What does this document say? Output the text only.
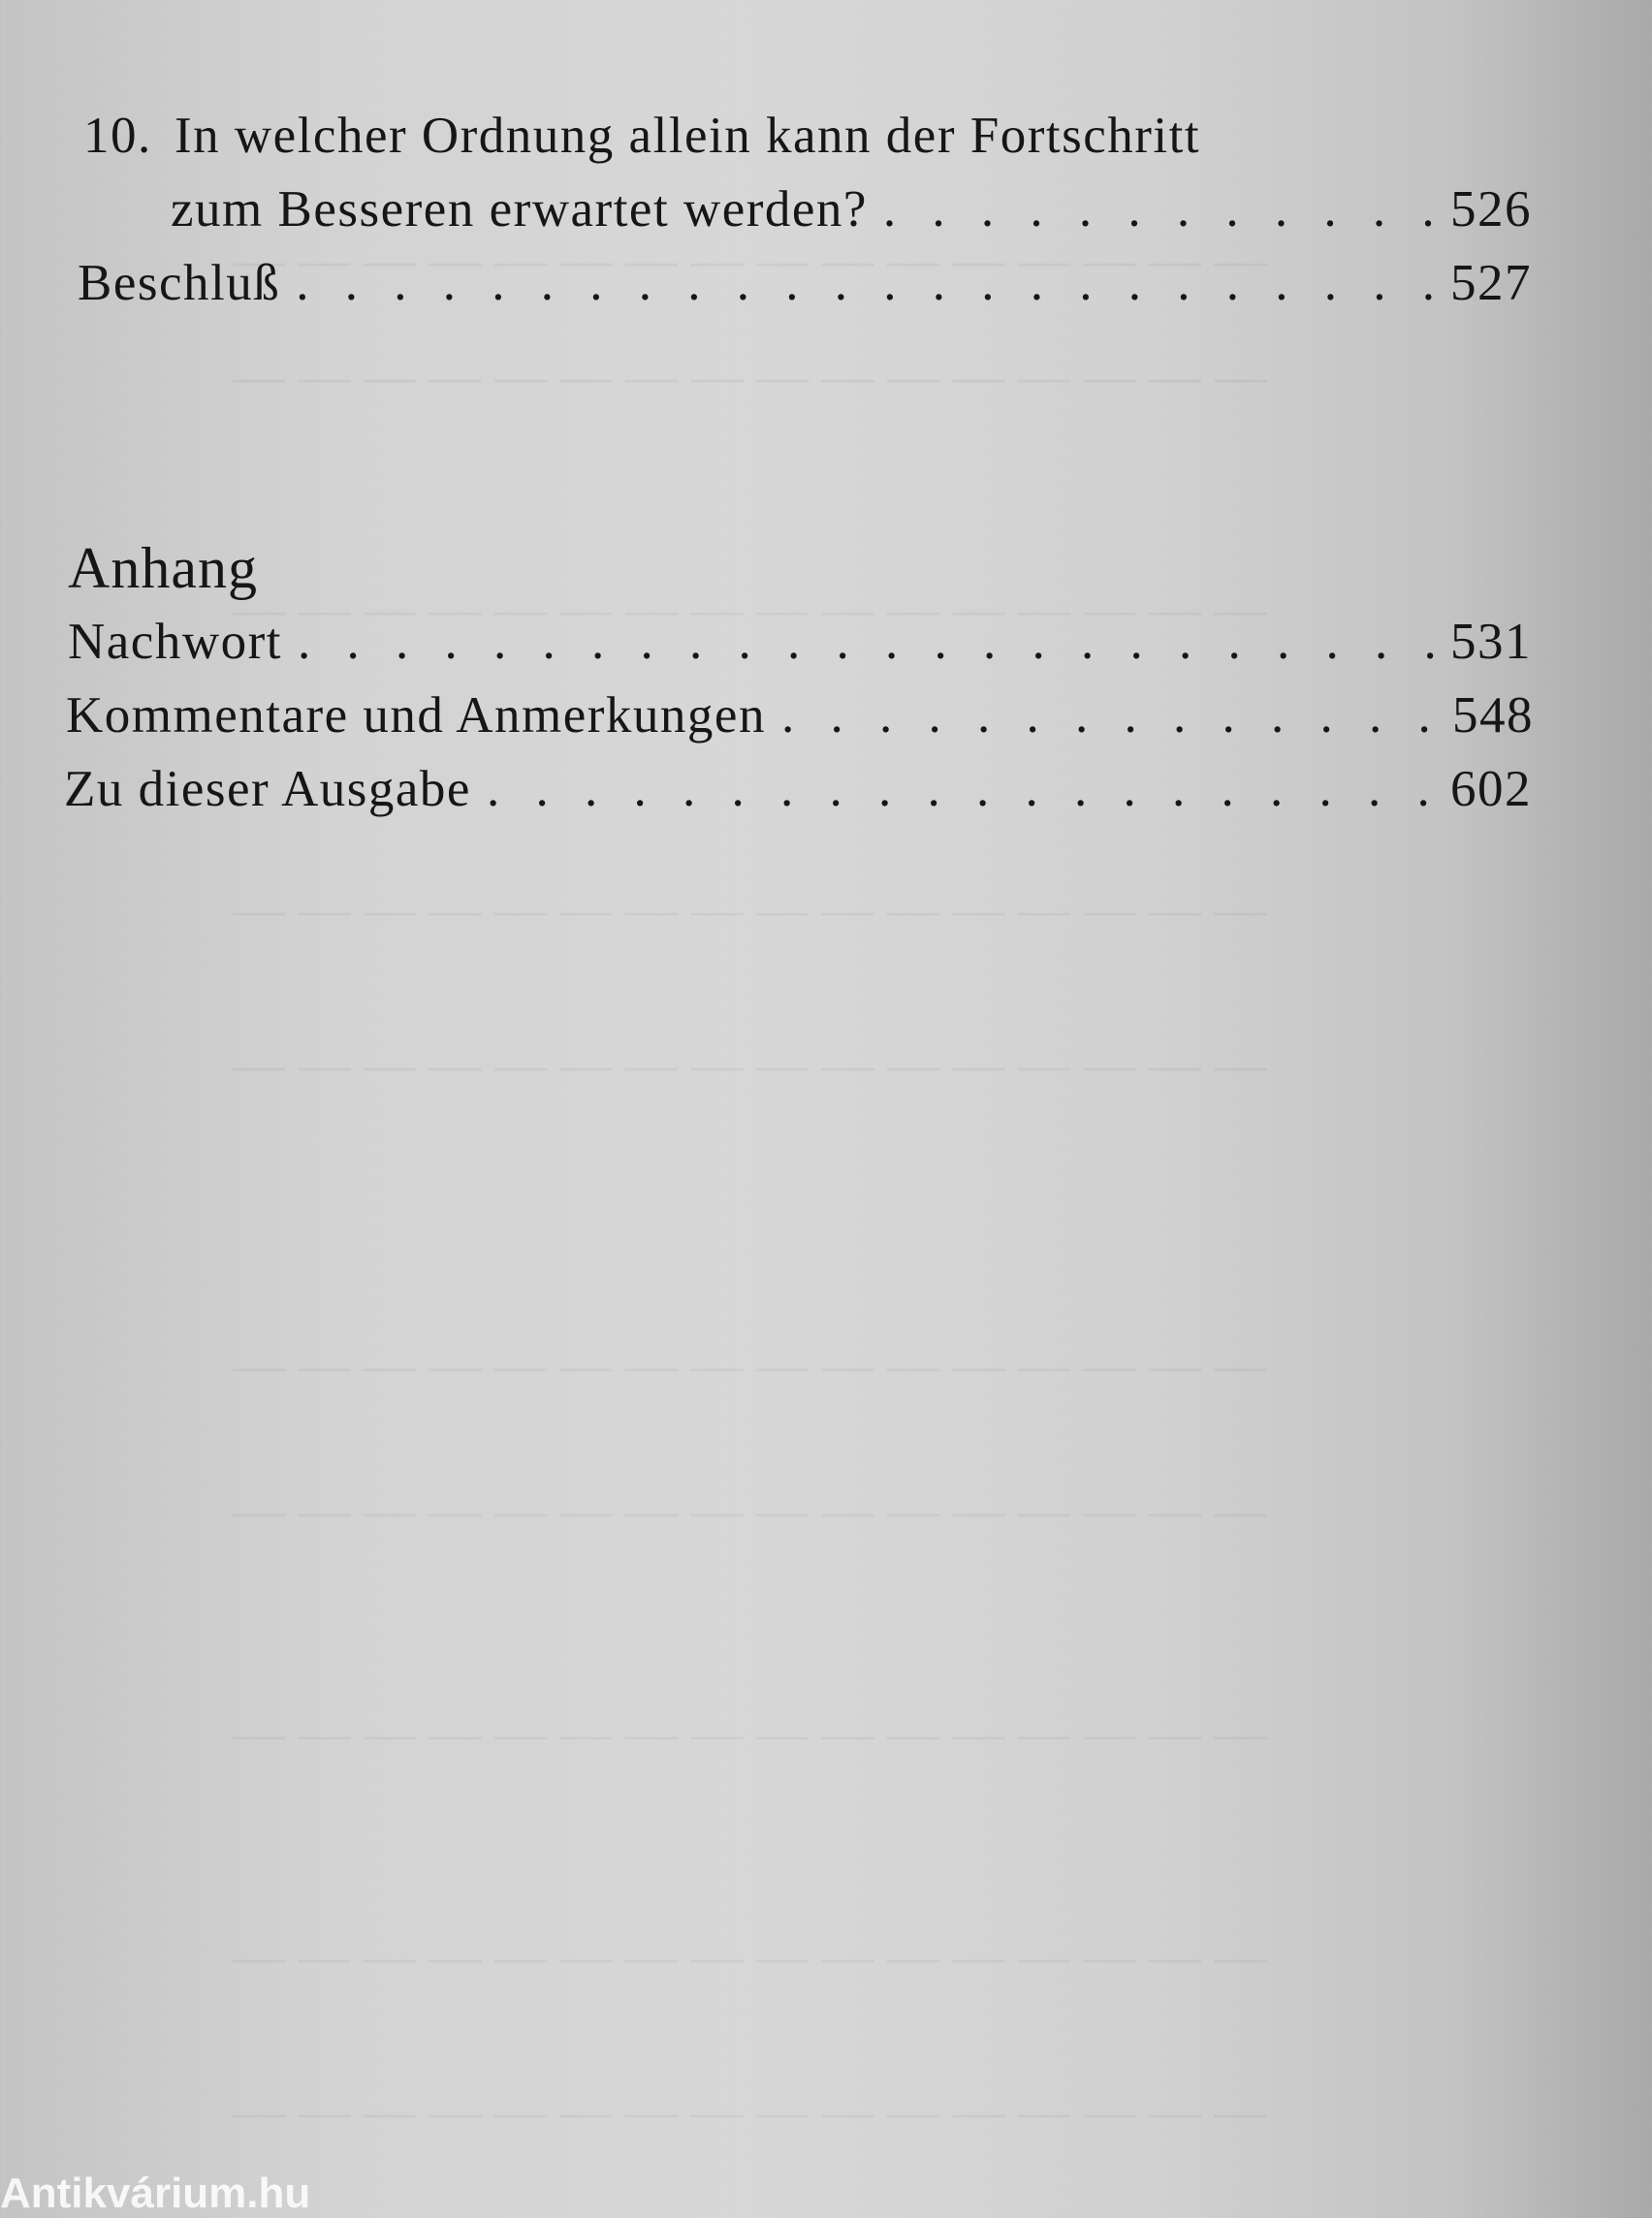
— — — — — — — — — — — — — — — —
— — — — — — — — — — — — — — — —
— — — — — — — — — — — — — — — —
— — — — — — — — — — — — — — — —
— — — — — — — — — — — — — — — —
— — — — — — — — — — — — — — — —
— — — — — — — — — — — — — — — —
— — — — — — — — — — — — — — — —
— — — — — — — — — — — — — — — —
— — — — — — — — — — — — — — — —
10. In welcher Ordnung allein kann der Fortschritt
zum Besseren erwartet werden? . . .	526
Beschluß . . .	527
Anhang
Nachwort . . .	531
Kommentare und Anmerkungen . . .	548
Zu dieser Ausgabe . . .	602
Antikvárium.hu
